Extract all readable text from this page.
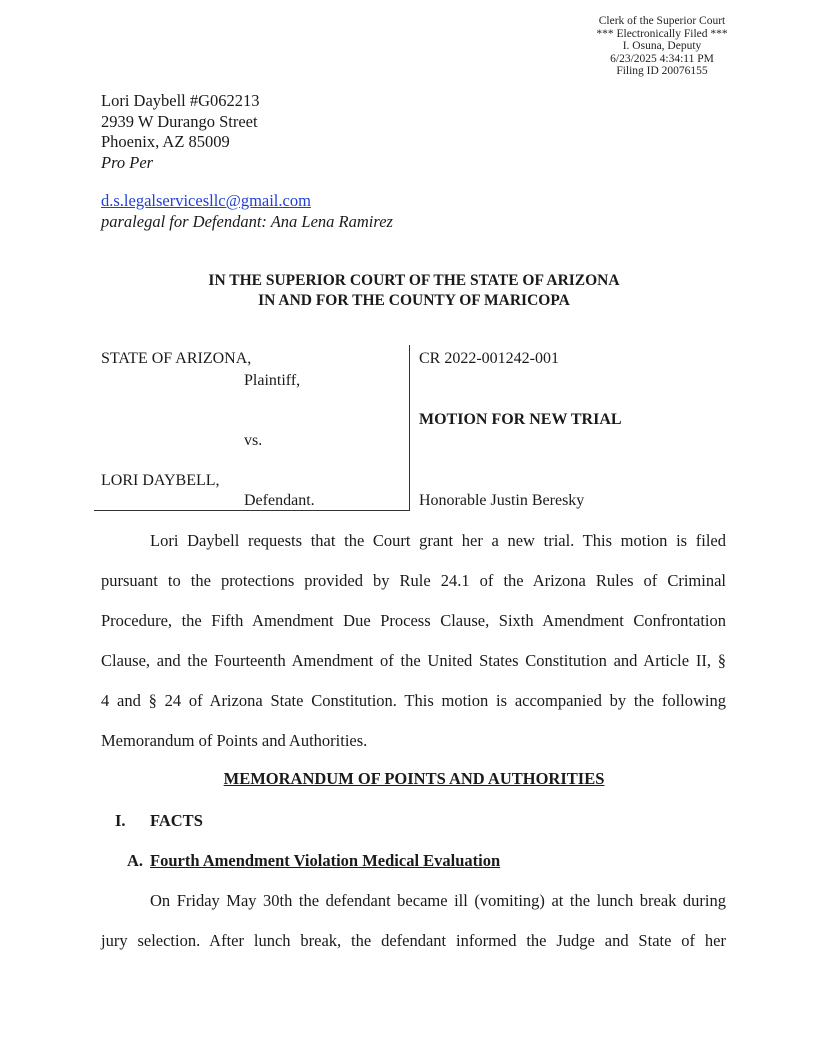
Clerk of the Superior Court
*** Electronically Filed ***
I. Osuna, Deputy
6/23/2025 4:34:11 PM
Filing ID 20076155
Lori Daybell #G062213
2939 W Durango Street
Phoenix, AZ 85009
Pro Per
d.s.legalservicesllc@gmail.com
paralegal for Defendant: Ana Lena Ramirez
IN THE SUPERIOR COURT OF THE STATE OF ARIZONA
IN AND FOR THE COUNTY OF MARICOPA
STATE OF ARIZONA,
Plaintiff,
vs.
LORI DAYBELL,
Defendant.
CR 2022-001242-001
MOTION FOR NEW TRIAL
Honorable Justin Beresky
Lori Daybell requests that the Court grant her a new trial. This motion is filed
pursuant to the protections provided by Rule 24.1 of the Arizona Rules of Criminal
Procedure, the Fifth Amendment Due Process Clause, Sixth Amendment Confrontation
Clause, and the Fourteenth Amendment of the United States Constitution and Article II, §
4 and § 24 of Arizona State Constitution. This motion is accompanied by the following
Memorandum of Points and Authorities.
MEMORANDUM OF POINTS AND AUTHORITIES
I. FACTS
A. Fourth Amendment Violation Medical Evaluation
On Friday May 30th the defendant became ill (vomiting) at the lunch break during
jury selection. After lunch break, the defendant informed the Judge and State of her
